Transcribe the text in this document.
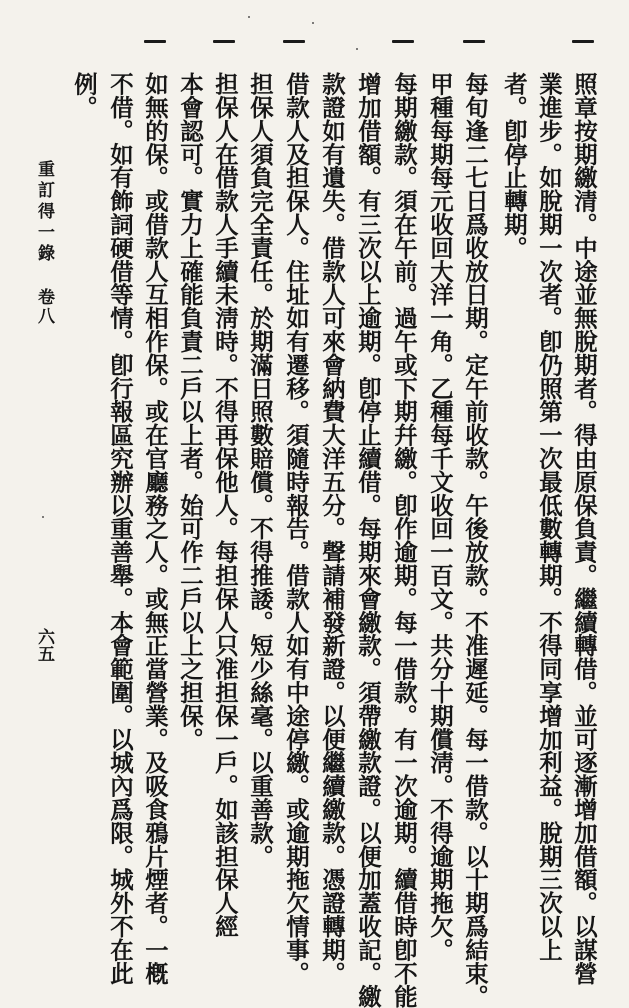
照章按期繳清。中途並無脫期者。得由原保負責。繼續轉借。並可逐漸增加借額。以謀營
業進步。如脫期一次者。卽仍照第一次最低數轉期。不得同享增加利益。脫期三次以上
者。卽停止轉期。
每旬逢二七日爲收放日期。定午前收款。午後放款。不准遲延。每一借款。以十期爲結束。
甲種每期每元收回大洋一角。乙種每千文收回一百文。共分十期償淸。不得逾期拖欠。
每期繳款。須在午前。過午或下期幷繳。卽作逾期。每一借款。有一次逾期。續借時卽不能
增加借額。有三次以上逾期。卽停止續借。每期來會繳款。須帶繳款證。以便加蓋收記。繳
款證如有遺失。借款人可來會納費大洋五分。聲請補發新證。以便繼續繳款。憑證轉期。
借款人及担保人。住址如有遷移。須隨時報告。借款人如有中途停繳。或逾期拖欠情事。
担保人須負完全責任。於期滿日照數賠償。不得推諉。短少絲毫。以重善款。
担保人在借款人手續未淸時。不得再保他人。每担保人只准担保一戶。如該担保人經
本會認可。實力上確能負責二戶以上者。始可作二戶以上之担保。
如無的保。或借款人互相作保。或在官廳務之人。或無正當營業。及吸食鴉片煙者。一槪
不借。如有飾詞硬借等情。卽行報區究辦以重善舉。本會範圍。以城內爲限。城外不在此
例。
重訂得一錄
卷八
六五
